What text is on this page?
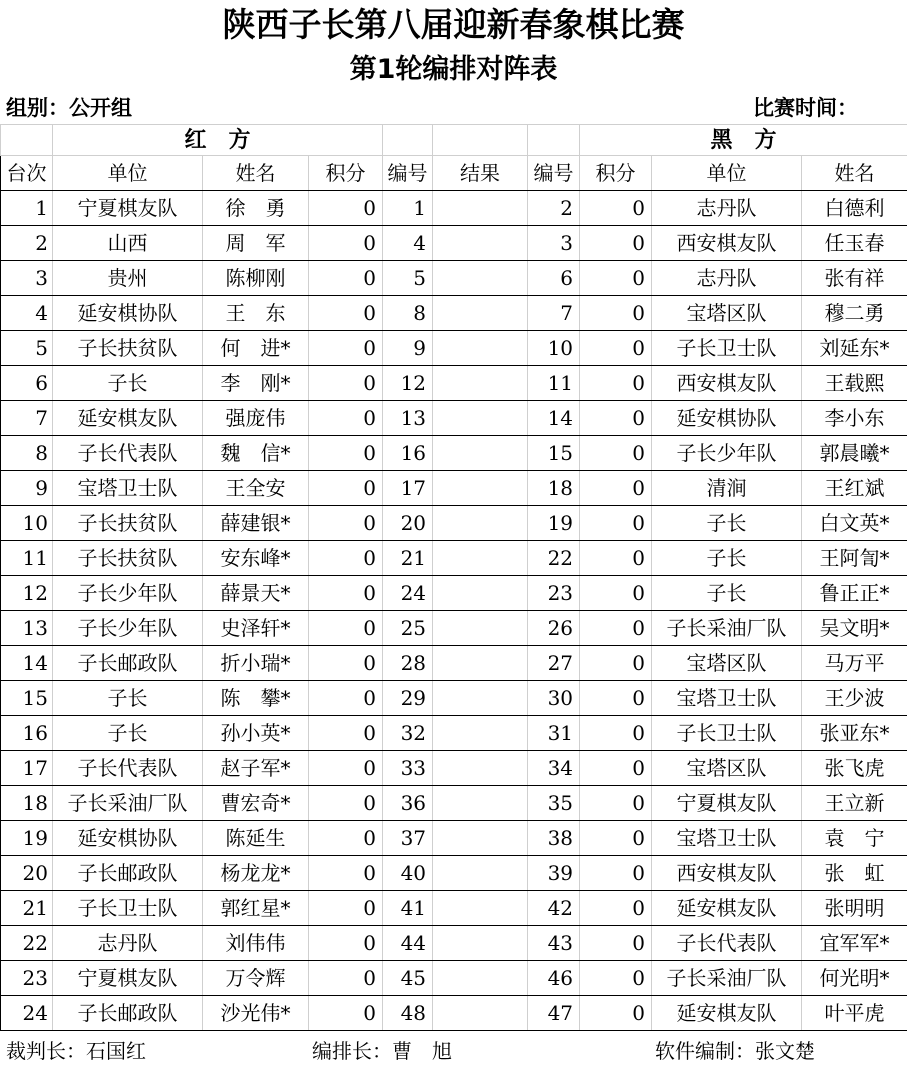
陕西子长第八届迎新春象棋比赛
第1轮编排对阵表
组别：公开组	比赛时间：
	红　方						黑　方		
台次	单位	姓名	积分	编号	结果	编号	积分	单位	姓名
1	宁夏棋友队	徐　勇	0	1		2	0	志丹队	白德利
2	山西	周　军	0	4		3	0	西安棋友队	任玉春
3	贵州	陈柳刚	0	5		6	0	志丹队	张有祥
4	延安棋协队	王　东	0	8		7	0	宝塔区队	穆二勇
5	子长扶贫队	何　进*	0	9		10	0	子长卫士队	刘延东*
6	子长	李　刚*	0	12		11	0	西安棋友队	王载熙
7	延安棋友队	强庞伟	0	13		14	0	延安棋协队	李小东
8	子长代表队	魏　信*	0	16		15	0	子长少年队	郭晨曦*
9	宝塔卫士队	王全安	0	17		18	0	清涧	王红斌
10	子长扶贫队	薛建银*	0	20		19	0	子长	白文英*
11	子长扶贫队	安东峰*	0	21		22	0	子长	王阿訇*
12	子长少年队	薛景天*	0	24		23	0	子长	鲁正正*
13	子长少年队	史泽轩*	0	25		26	0	子长采油厂队	吴文明*
14	子长邮政队	折小瑞*	0	28		27	0	宝塔区队	马万平
15	子长	陈　攀*	0	29		30	0	宝塔卫士队	王少波
16	子长	孙小英*	0	32		31	0	子长卫士队	张亚东*
17	子长代表队	赵子军*	0	33		34	0	宝塔区队	张飞虎
18	子长采油厂队	曹宏奇*	0	36		35	0	宁夏棋友队	王立新
19	延安棋协队	陈延生	0	37		38	0	宝塔卫士队	袁　宁
20	子长邮政队	杨龙龙*	0	40		39	0	西安棋友队	张　虹
21	子长卫士队	郭红星*	0	41		42	0	延安棋友队	张明明
22	志丹队	刘伟伟	0	44		43	0	子长代表队	宜军军*
23	宁夏棋友队	万令辉	0	45		46	0	子长采油厂队	何光明*
24	子长邮政队	沙光伟*	0	48		47	0	延安棋友队	叶平虎
裁判长：石国红	编排长：曹　旭	软件编制：张文楚
